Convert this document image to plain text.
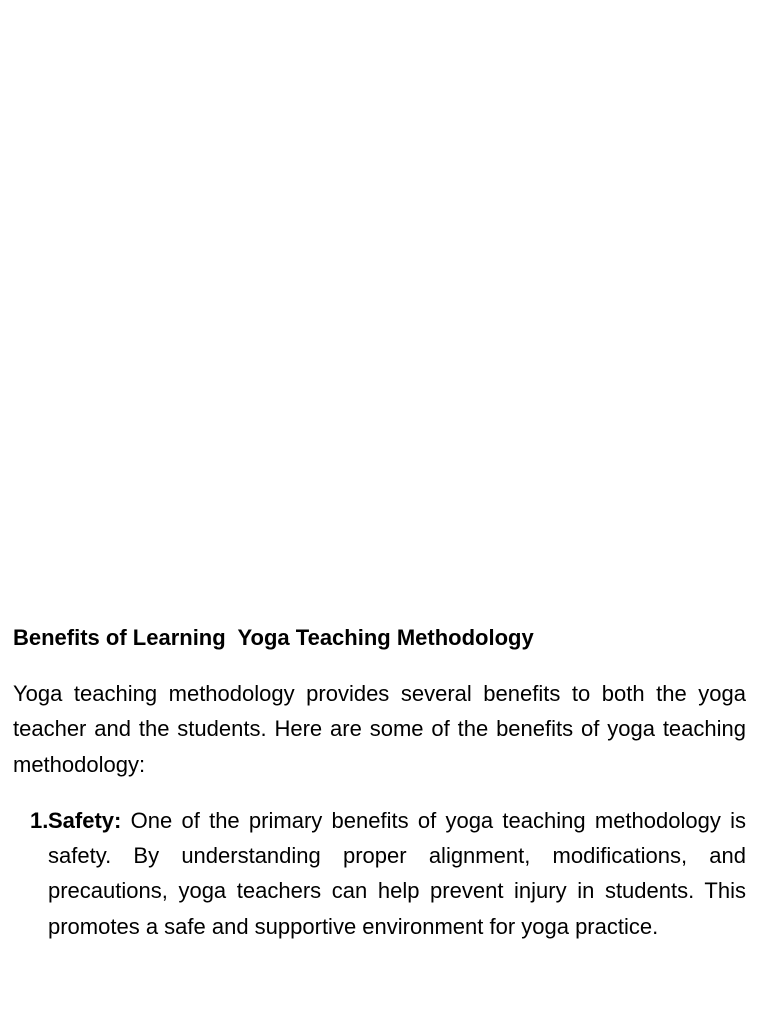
Benefits of Learning  Yoga Teaching Methodology

Yoga teaching methodology provides several benefits to both the yoga teacher and the students. Here are some of the benefits of yoga teaching methodology:

1. Safety: One of the primary benefits of yoga teaching methodology is safety. By understanding proper alignment, modifications, and precautions, yoga teachers can help prevent injury in students. This promotes a safe and supportive environment for yoga practice.
